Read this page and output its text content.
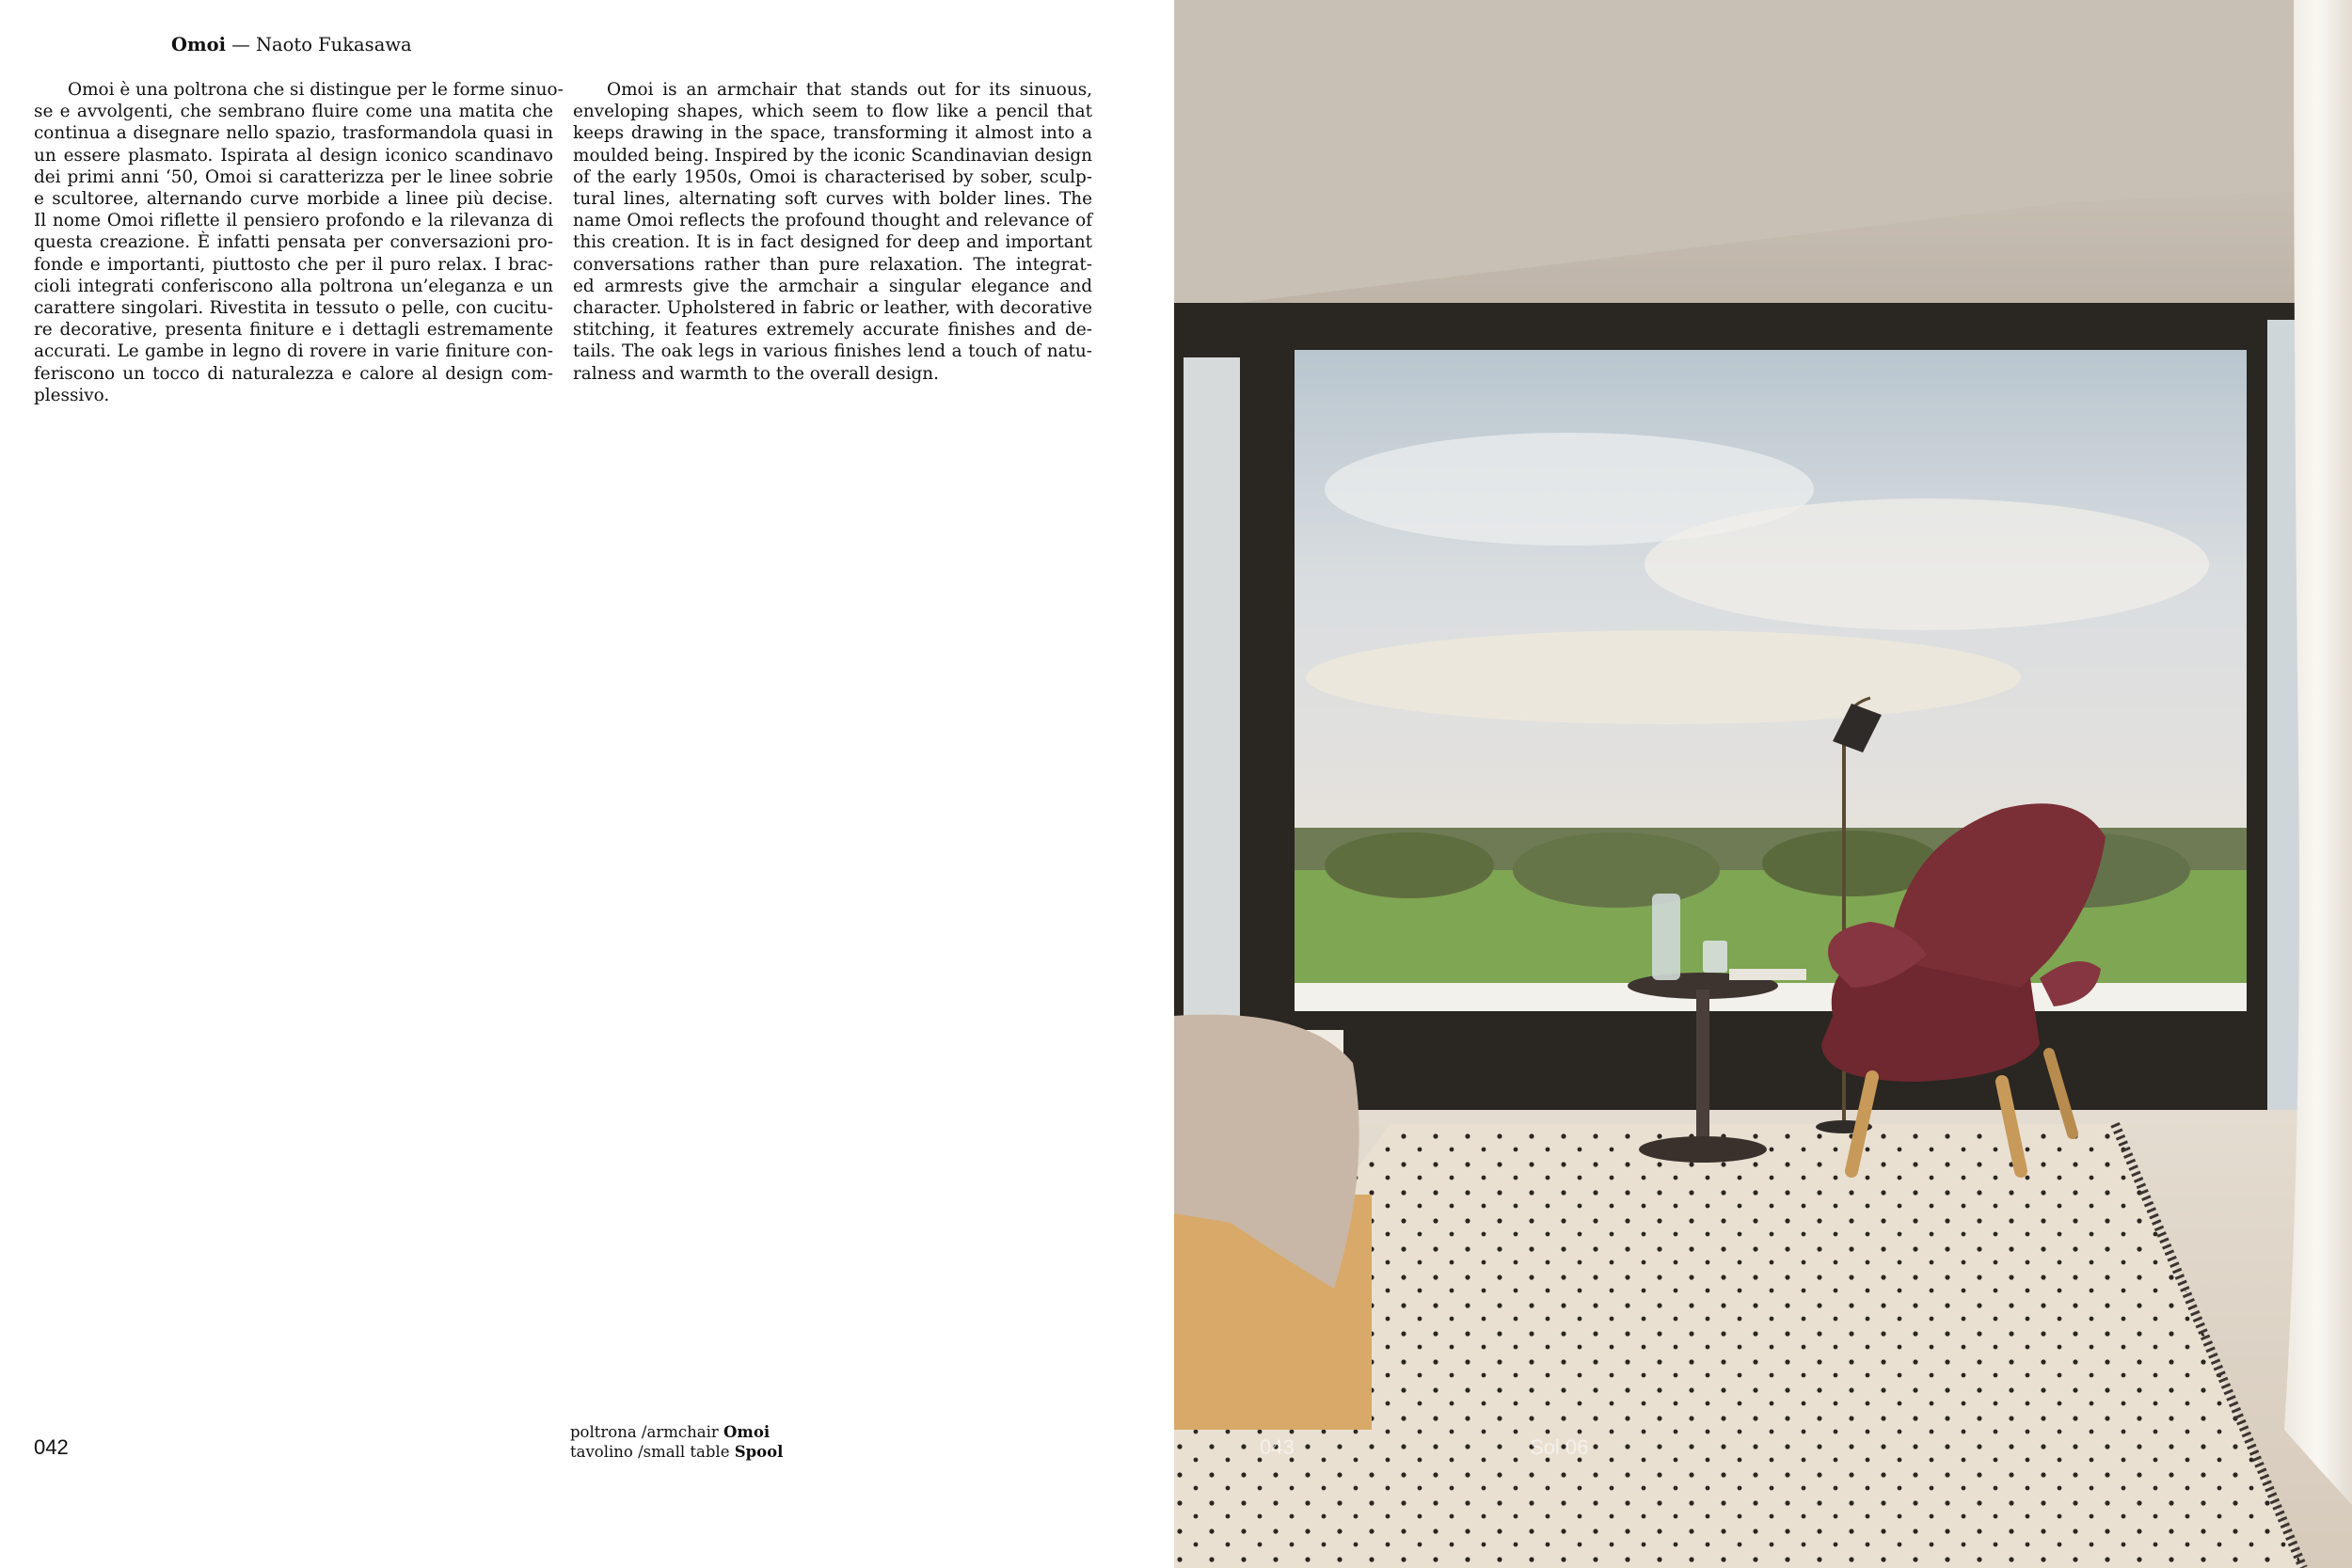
Omoi — Naoto Fukasawa
Omoi è una poltrona che si distingue per le forme sinuo-
se e avvolgenti, che sembrano fluire come una matita che
continua a disegnare nello spazio, trasformandola quasi in
un essere plasmato. Ispirata al design iconico scandinavo
dei primi anni ‘50, Omoi si caratterizza per le linee sobrie
e scultoree, alternando curve morbide a linee più decise.
Il nome Omoi riflette il pensiero profondo e la rilevanza di
questa creazione. È infatti pensata per conversazioni pro-
fonde e importanti, piuttosto che per il puro relax. I brac-
cioli integrati conferiscono alla poltrona un’eleganza e un
carattere singolari. Rivestita in tessuto o pelle, con cucitu-
re decorative, presenta finiture e i dettagli estremamente
accurati. Le gambe in legno di rovere in varie finiture con-
feriscono un tocco di naturalezza e calore al design com-
plessivo.
Omoi is an armchair that stands out for its sinuous,
enveloping shapes, which seem to flow like a pencil that
keeps drawing in the space, transforming it almost into a
moulded being. Inspired by the iconic Scandinavian design
of the early 1950s, Omoi is characterised by sober, sculp-
tural lines, alternating soft curves with bolder lines. The
name Omoi reflects the profound thought and relevance of
this creation. It is in fact designed for deep and important
conversations rather than pure relaxation. The integrat-
ed armrests give the armchair a singular elegance and
character. Upholstered in fabric or leather, with decorative
stitching, it features extremely accurate finishes and de-
tails. The oak legs in various finishes lend a touch of natu-
ralness and warmth to the overall design.
042
poltrona /armchair Omoi
tavolino /small table Spool	043	Sol 06
